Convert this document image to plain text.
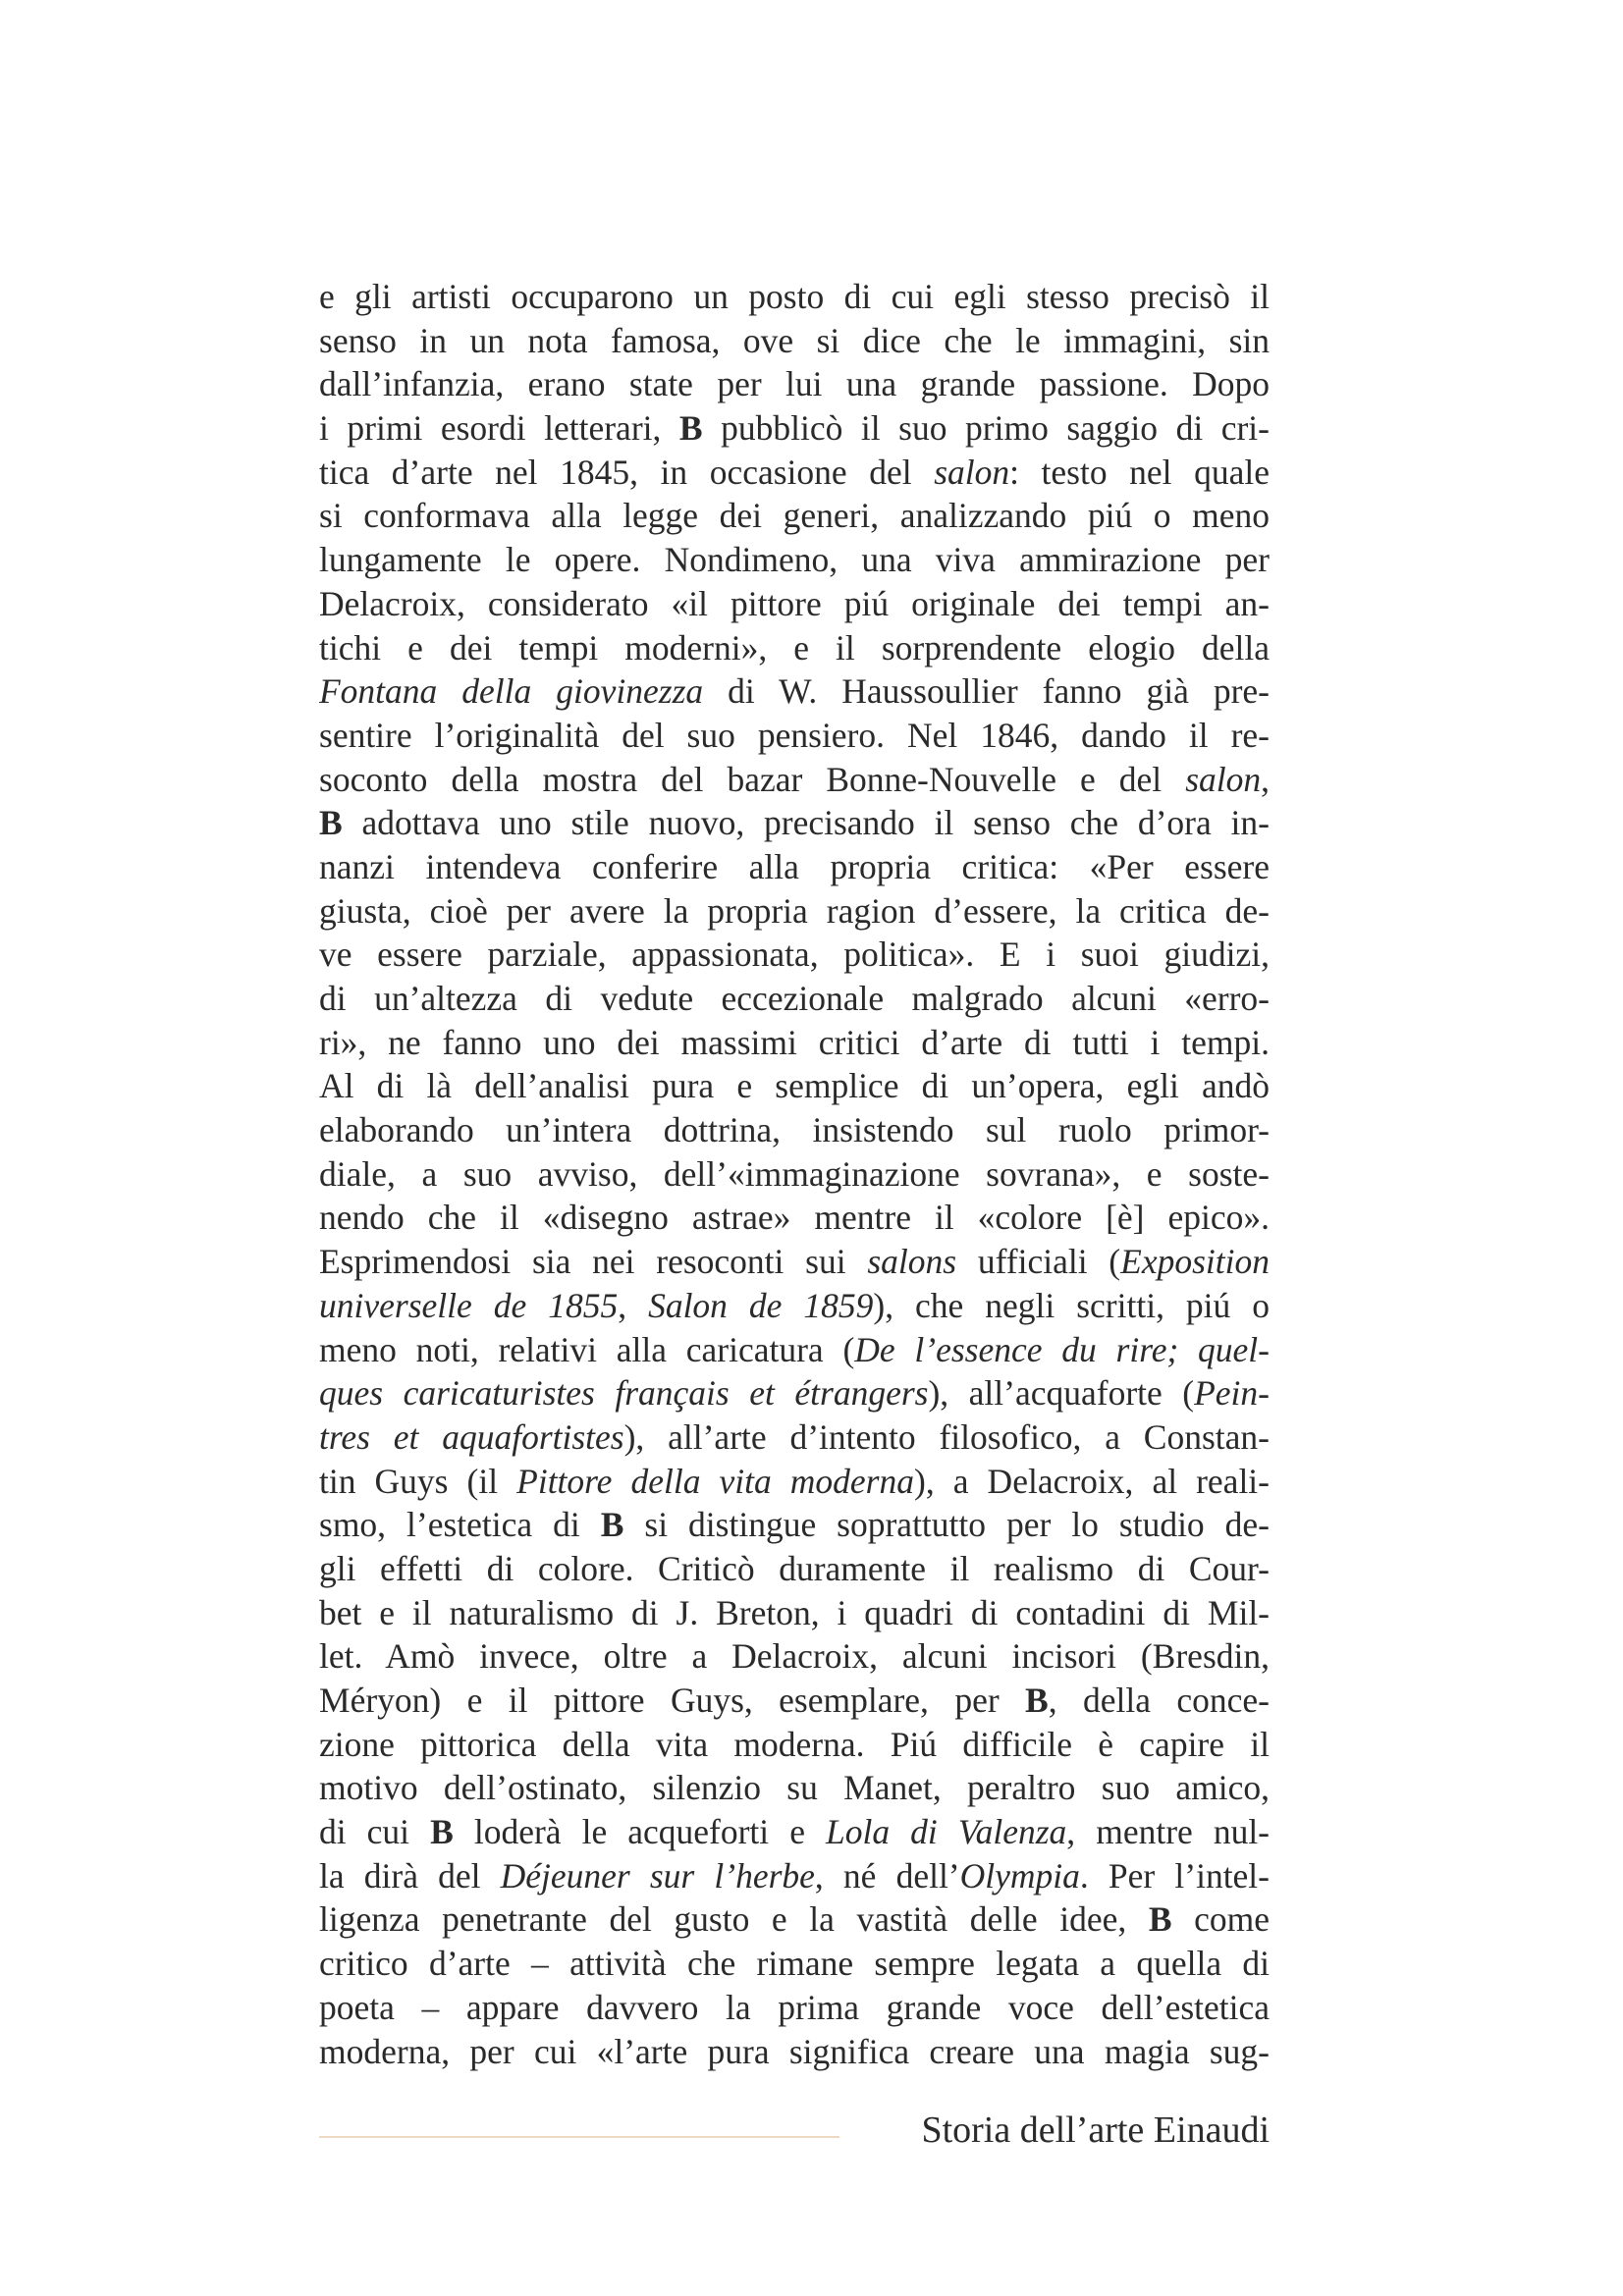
e gli artisti occuparono un posto di cui egli stesso precisò il
senso in un nota famosa, ove si dice che le immagini, sin
dall’infanzia, erano state per lui una grande passione. Dopo
i primi esordi letterari, B pubblicò il suo primo saggio di cri-
tica d’arte nel 1845, in occasione del salon: testo nel quale
si conformava alla legge dei generi, analizzando piú o meno
lungamente le opere. Nondimeno, una viva ammirazione per
Delacroix, considerato «il pittore piú originale dei tempi an-
tichi e dei tempi moderni», e il sorprendente elogio della
Fontana della giovinezza di W. Haussoullier fanno già pre-
sentire l’originalità del suo pensiero. Nel 1846, dando il re-
soconto della mostra del bazar Bonne-Nouvelle e del salon,
B adottava uno stile nuovo, precisando il senso che d’ora in-
nanzi intendeva conferire alla propria critica: «Per essere
giusta, cioè per avere la propria ragion d’essere, la critica de-
ve essere parziale, appassionata, politica». E i suoi giudizi,
di un’altezza di vedute eccezionale malgrado alcuni «erro-
ri», ne fanno uno dei massimi critici d’arte di tutti i tempi.
Al di là dell’analisi pura e semplice di un’opera, egli andò
elaborando un’intera dottrina, insistendo sul ruolo primor-
diale, a suo avviso, dell’«immaginazione sovrana», e soste-
nendo che il «disegno astrae» mentre il «colore [è] epico».
Esprimendosi sia nei resoconti sui salons ufficiali (Exposition
universelle de 1855, Salon de 1859), che negli scritti, piú o
meno noti, relativi alla caricatura (De l’essence du rire; quel-
ques caricaturistes français et étrangers), all’acquaforte (Pein-
tres et aquafortistes), all’arte d’intento filosofico, a Constan-
tin Guys (il Pittore della vita moderna), a Delacroix, al reali-
smo, l’estetica di B si distingue soprattutto per lo studio de-
gli effetti di colore. Criticò duramente il realismo di Cour-
bet e il naturalismo di J. Breton, i quadri di contadini di Mil-
let. Amò invece, oltre a Delacroix, alcuni incisori (Bresdin,
Méryon) e il pittore Guys, esemplare, per B, della conce-
zione pittorica della vita moderna. Piú difficile è capire il
motivo dell’ostinato, silenzio su Manet, peraltro suo amico,
di cui B loderà le acqueforti e Lola di Valenza, mentre nul-
la dirà del Déjeuner sur l’herbe, né dell’Olympia. Per l’intel-
ligenza penetrante del gusto e la vastità delle idee, B come
critico d’arte – attività che rimane sempre legata a quella di
poeta – appare davvero la prima grande voce dell’estetica
moderna, per cui «l’arte pura significa creare una magia sug-
Storia dell’arte Einaudi
